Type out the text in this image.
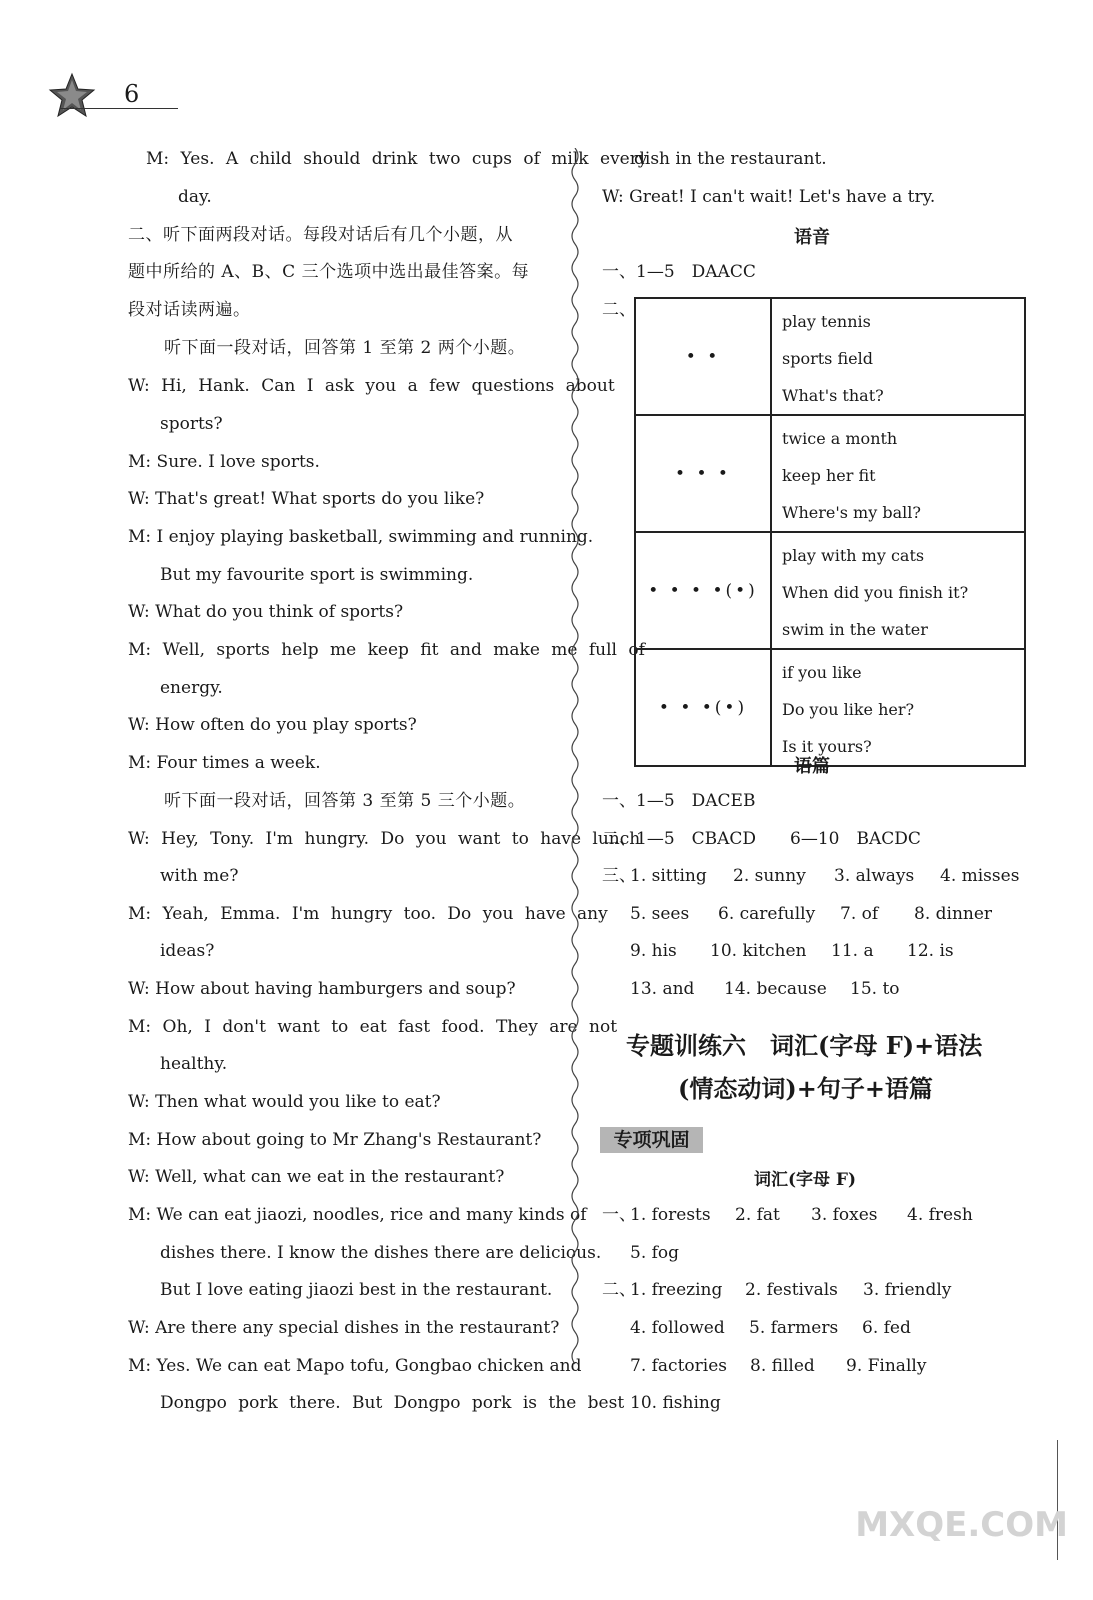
6
M: Yes. A child should drink two cups of milk every
day.
二、听下面两段对话。每段对话后有几个小题，从
题中所给的 A、B、C 三个选项中选出最佳答案。每
段对话读两遍。
听下面一段对话，回答第 1 至第 2 两个小题。
W: Hi, Hank. Can I ask you a few questions about
sports?
M: Sure. I love sports.
W: That's great! What sports do you like?
M: I enjoy playing basketball, swimming and running.
But my favourite sport is swimming.
W: What do you think of sports?
M: Well, sports help me keep fit and make me full of
energy.
W: How often do you play sports?
M: Four times a week.
听下面一段对话，回答第 3 至第 5 三个小题。
W: Hey, Tony. I'm hungry. Do you want to have lunch
with me?
M: Yeah, Emma. I'm hungry too. Do you have any
ideas?
W: How about having hamburgers and soup?
M: Oh, I don't want to eat fast food. They are not
healthy.
W: Then what would you like to eat?
M: How about going to Mr Zhang's Restaurant?
W: Well, what can we eat in the restaurant?
M: We can eat jiaozi, noodles, rice and many kinds of
dishes there. I know the dishes there are delicious.
But I love eating jiaozi best in the restaurant.
W: Are there any special dishes in the restaurant?
M: Yes. We can eat Mapo tofu, Gongbao chicken and
Dongpo pork there. But Dongpo pork is the best
dish in the restaurant.
W: Great! I can't wait! Let's have a try.
语音
一、1—5　DAACC
二、
• •	play tennis
sports field
What's that?

• • •	twice a month
keep her fit
Where's my ball?

• • • •(•)	play with my cats
When did you finish it?
swim in the water

• • •(•)	if you like
Do you like her?
Is it yours?
语篇
一、1—5　DACEB
二、1—5　CBACD　　6—10　BACDC
三、
1. sitting 2. sunny 3. always 4. misses
5. sees 6. carefully 7. of 8. dinner
9. his 10. kitchen 11. a 12. is
13. and 14. because 15. to
专题训练六　词汇(字母 F)+语法
(情态动词)+句子+语篇
专项巩固
词汇(字母 F)
一、
1. forests 2. fat 3. foxes 4. fresh
5. fog
二、
1. freezing 2. festivals 3. friendly
4. followed 5. farmers 6. fed
7. factories 8. filled 9. Finally
10. fishing
MXQE.COM
